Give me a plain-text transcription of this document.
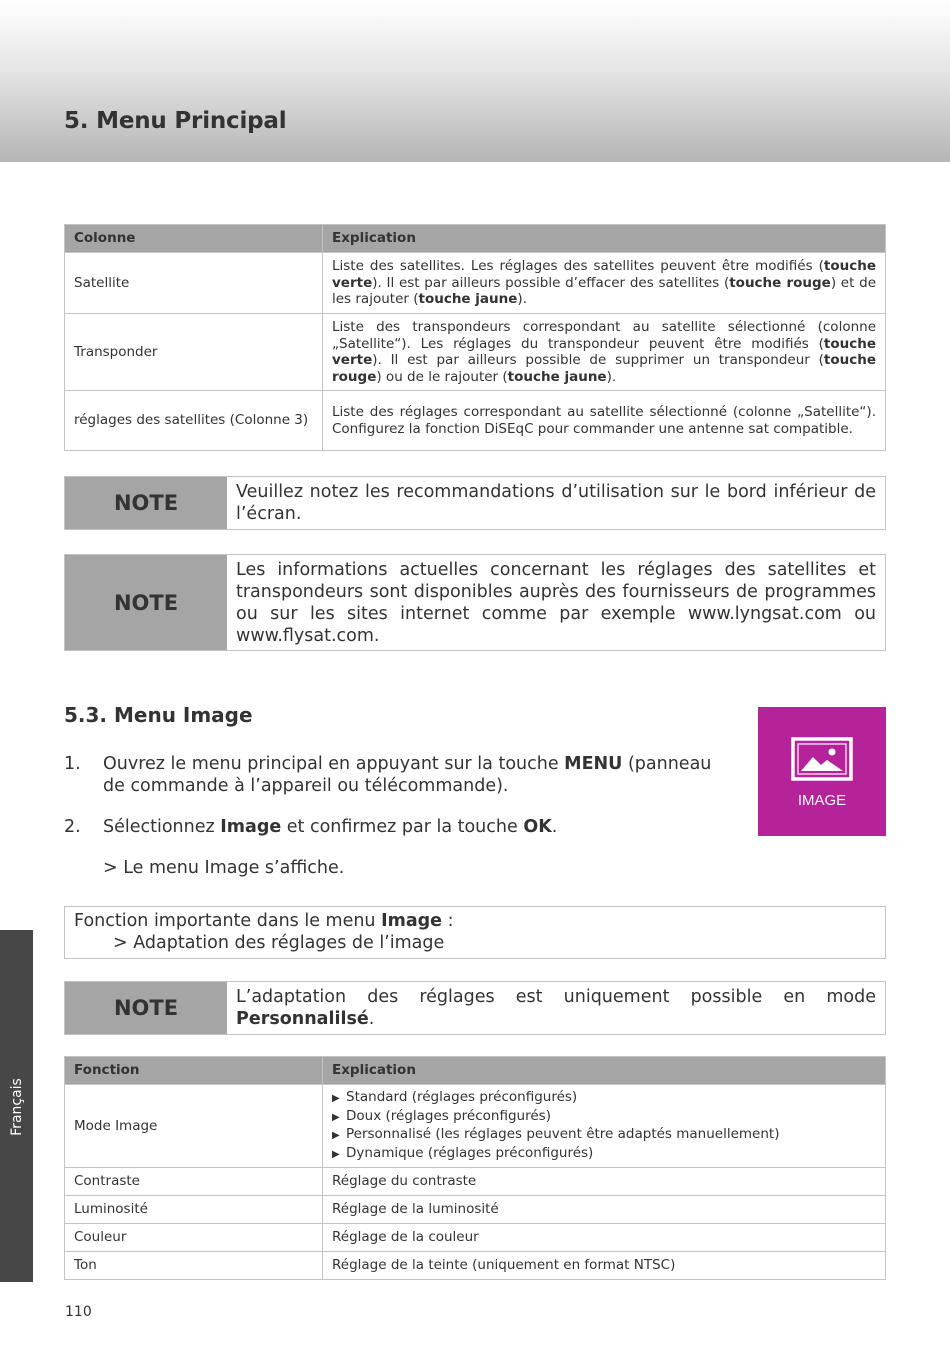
5. Menu Principal
Colonne	Explication
Satellite	Liste des satellites. Les réglages des satellites peuvent être modifiés (touche verte). Il est par ailleurs possible d’effacer des satellites (touche rouge) et de les rajouter (touche jaune).
Transponder	Liste des transpondeurs correspondant au satellite sélectionné (colonne „Satellite“). Les réglages du transpondeur peuvent être modifiés (touche verte). Il est par ailleurs possible de supprimer un transpondeur (touche rouge) ou de le rajouter (touche jaune).
réglages des satellites (Colonne 3)	Liste des réglages correspondant au satellite sélectionné (colonne „Satellite“). Configurez la fonction DiSEqC pour commander une antenne sat compatible.
NOTE	Veuillez notez les recommandations d’utilisation sur le bord inférieur de l’écran.
NOTE
Les informations actuelles concernant les réglages des satellites et transpondeurs sont disponibles auprès des fournisseurs de programmes ou sur les sites internet comme par exemple www.lyngsat.com ou www.flysat.com.
5.3. Menu Image
1. Ouvrez le menu principal en appuyant sur la touche MENU (panneau de commande à l’appareil ou télécommande).
2. Sélectionnez Image et confirmez par la touche OK.
> Le menu Image s’affiche.
IMAGE
Fonction importante dans le menu Image :
> Adaptation des réglages de l’image
NOTE	L’adaptation des réglages est uniquement possible en mode Personnalilsé.
Fonction	Explication
Mode Image	▶ Standard (réglages préconfigurés)
▶ Doux (réglages préconfigurés)
▶ Personnalisé (les réglages peuvent être adaptés manuellement)
▶ Dynamique (réglages préconfigurés)

Contraste	Réglage du contraste
Luminosité	Réglage de la luminosité
Couleur	Réglage de la couleur
Ton	Réglage de la teinte (uniquement en format NTSC)
Français
110
